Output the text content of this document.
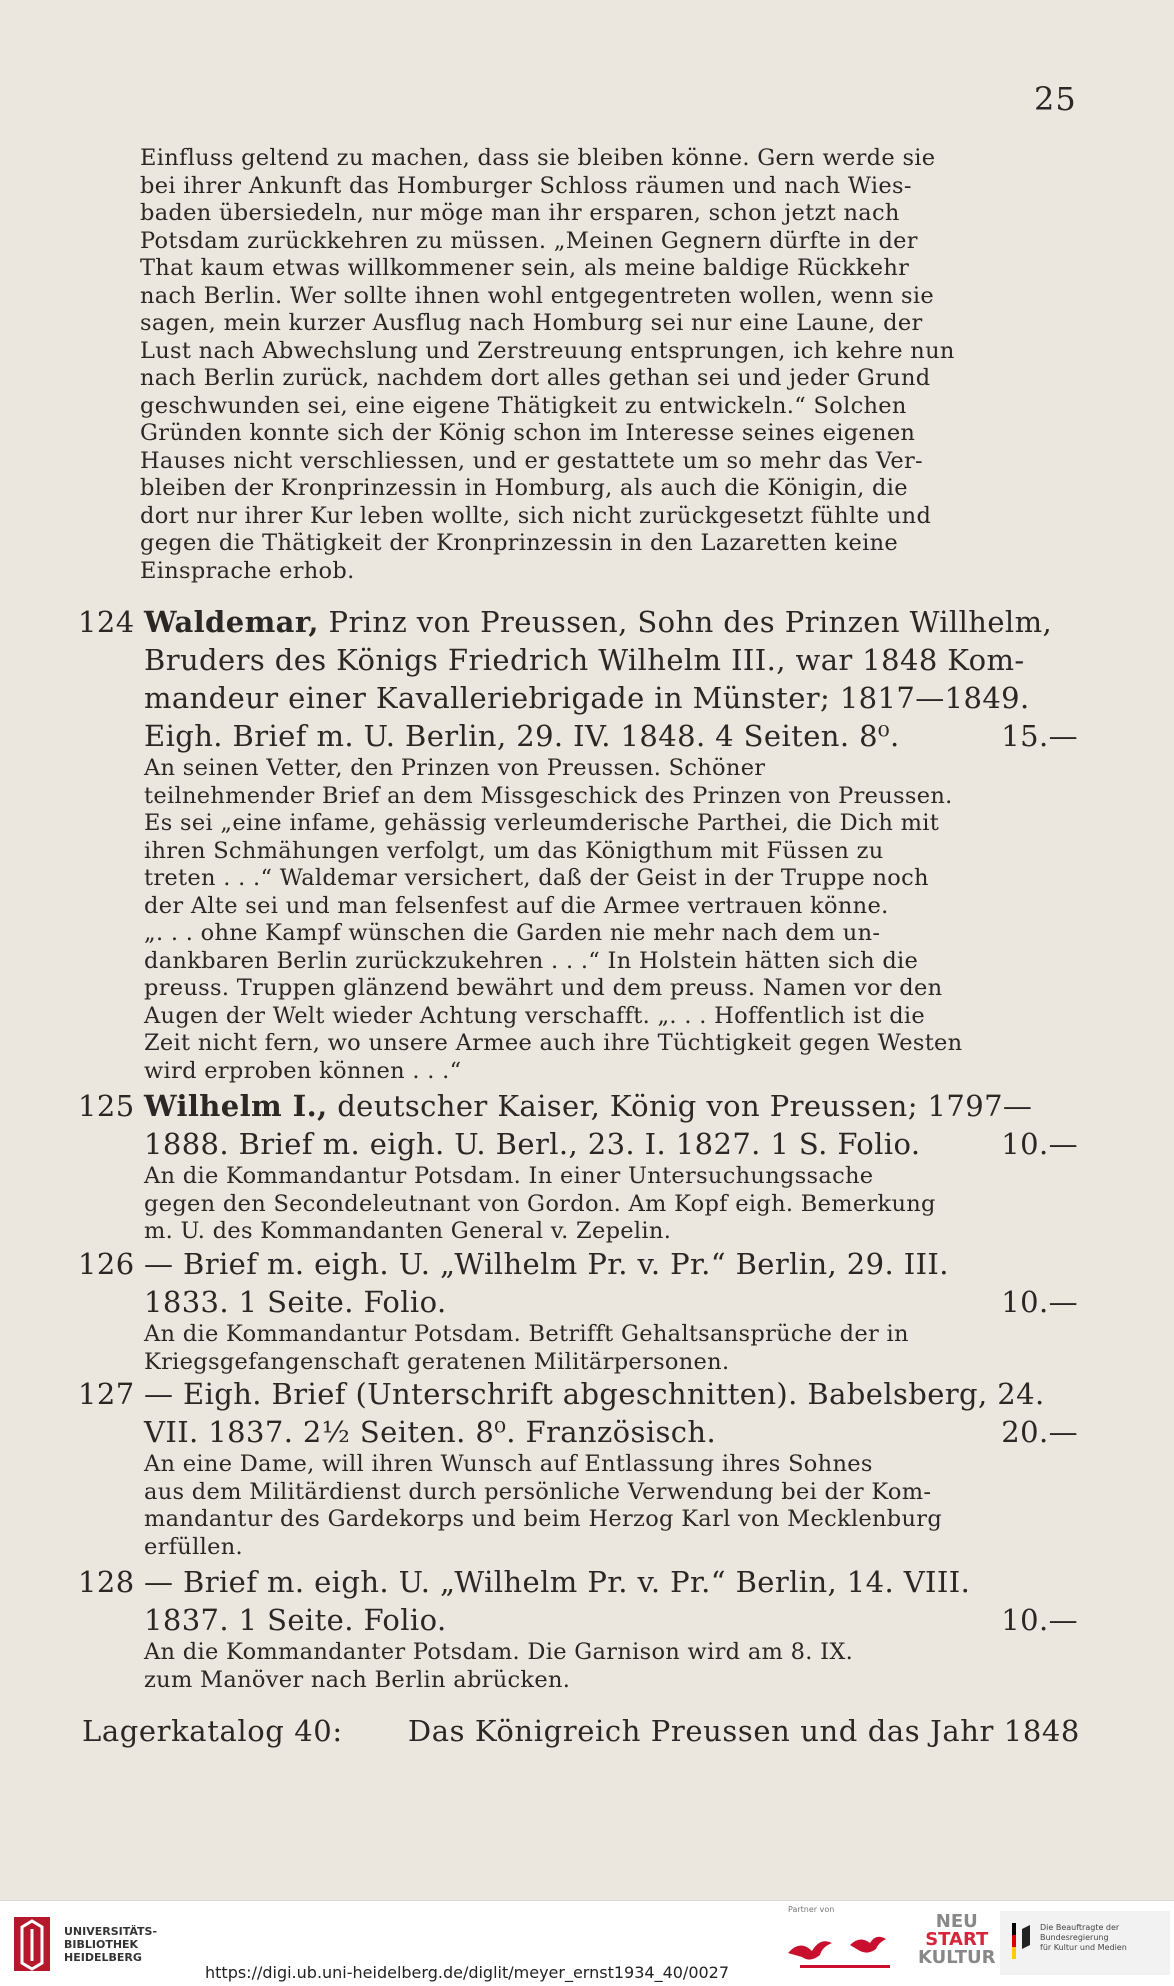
25

Einfluss geltend zu machen, dass sie bleiben könne. Gern werde sie
bei ihrer Ankunft das Homburger Schloss räumen und nach Wies-
baden übersiedeln, nur möge man ihr ersparen, schon jetzt nach
Potsdam zurückkehren zu müssen. „Meinen Gegnern dürfte in der
That kaum etwas willkommener sein, als meine baldige Rückkehr
nach Berlin. Wer sollte ihnen wohl entgegentreten wollen, wenn sie
sagen, mein kurzer Ausflug nach Homburg sei nur eine Laune, der
Lust nach Abwechslung und Zerstreuung entsprungen, ich kehre nun
nach Berlin zurück, nachdem dort alles gethan sei und jeder Grund
geschwunden sei, eine eigene Thätigkeit zu entwickeln.“ Solchen
Gründen konnte sich der König schon im Interesse seines eigenen
Hauses nicht verschliessen, und er gestattete um so mehr das Ver-
bleiben der Kronprinzessin in Homburg, als auch die Königin, die
dort nur ihrer Kur leben wollte, sich nicht zurückgesetzt fühlte und
gegen die Thätigkeit der Kronprinzessin in den Lazaretten keine
Einsprache erhob.

124 Waldemar, Prinz von Preussen, Sohn des Prinzen Willhelm,
Bruders des Königs Friedrich Wilhelm III., war 1848 Kom-
mandeur einer Kavalleriebrigade in Münster; 1817—1849.
Eigh. Brief m. U. Berlin, 29. IV. 1848. 4 Seiten. 8⁰.	15.—

An seinen Vetter, den Prinzen von Preussen. Schöner
teilnehmender Brief an dem Missgeschick des Prinzen von Preussen.
Es sei „eine infame, gehässig verleumderische Parthei, die Dich mit
ihren Schmähungen verfolgt, um das Königthum mit Füssen zu
treten . . .“ Waldemar versichert, daß der Geist in der Truppe noch
der Alte sei und man felsenfest auf die Armee vertrauen könne.
„. . . ohne Kampf wünschen die Garden nie mehr nach dem un-
dankbaren Berlin zurückzukehren . . .“ In Holstein hätten sich die
preuss. Truppen glänzend bewährt und dem preuss. Namen vor den
Augen der Welt wieder Achtung verschafft. „. . . Hoffentlich ist die
Zeit nicht fern, wo unsere Armee auch ihre Tüchtigkeit gegen Westen
wird erproben können . . .“

125 Wilhelm I., deutscher Kaiser, König von Preussen; 1797—
1888. Brief m. eigh. U. Berl., 23. I. 1827. 1 S. Folio.	10.—

An die Kommandantur Potsdam. In einer Untersuchungssache
gegen den Secondeleutnant von Gordon. Am Kopf eigh. Bemerkung
m. U. des Kommandanten General v. Zepelin.

126 — Brief m. eigh. U. „Wilhelm Pr. v. Pr.“ Berlin, 29. III.
1833. 1 Seite. Folio.	10.—

An die Kommandantur Potsdam. Betrifft Gehaltsansprüche der in
Kriegsgefangenschaft geratenen Militärpersonen.

127 — Eigh. Brief (Unterschrift abgeschnitten). Babelsberg, 24.
VII. 1837. 2½ Seiten. 8⁰. Französisch.	20.—

An eine Dame, will ihren Wunsch auf Entlassung ihres Sohnes
aus dem Militärdienst durch persönliche Verwendung bei der Kom-
mandantur des Gardekorps und beim Herzog Karl von Mecklenburg
erfüllen.

128 — Brief m. eigh. U. „Wilhelm Pr. v. Pr.“ Berlin, 14. VIII.
1837. 1 Seite. Folio.	10.—

An die Kommandanter Potsdam. Die Garnison wird am 8. IX.
zum Manöver nach Berlin abrücken.

Lagerkatalog 40: Das Königreich Preussen und das Jahr 1848
UNIVERSITÄTS-
BIBLIOTHEK
HEIDELBERG
Partner von
NEU
START
KULTUR
Die Beauftragte der Bundesregierung
für Kultur und Medien
https://digi.ub.uni-heidelberg.de/diglit/meyer_ernst1934_40/0027
